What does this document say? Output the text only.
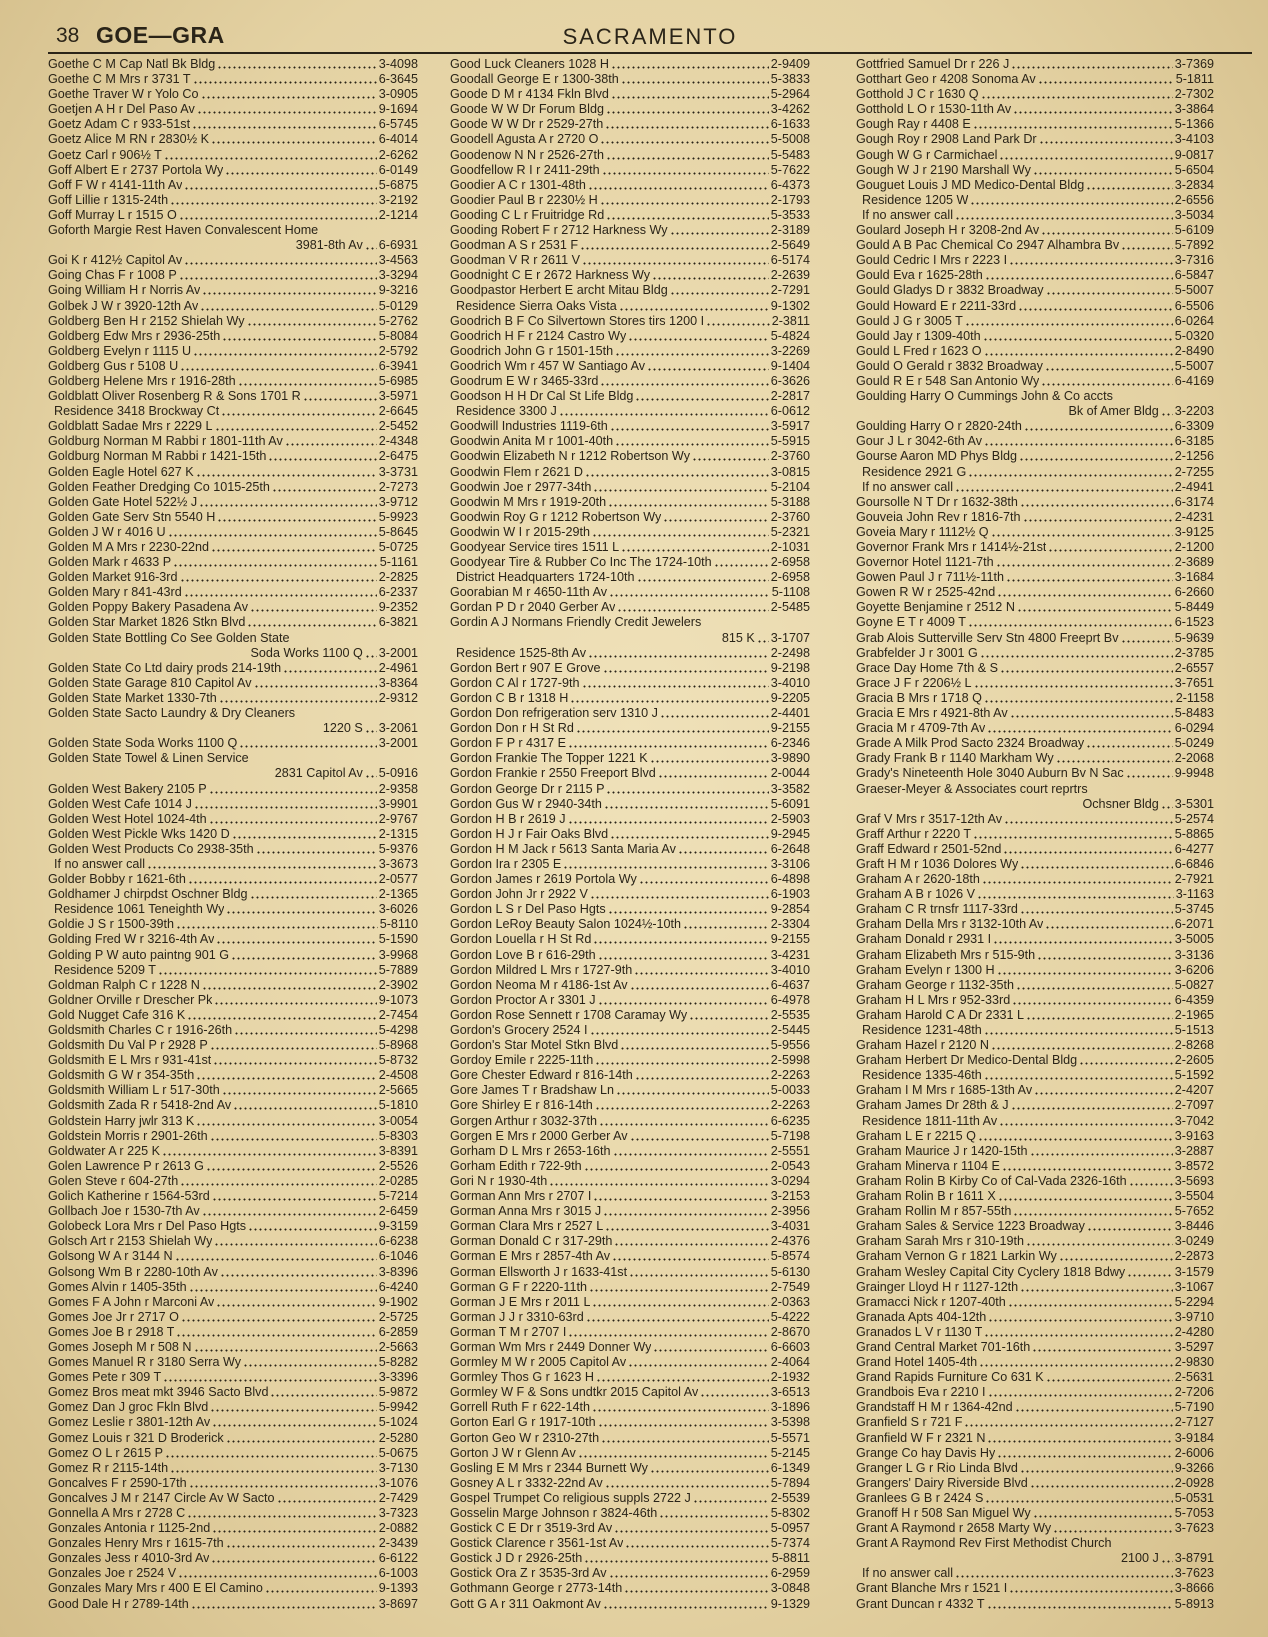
38 GOE—GRA	SACRAMENTO
Goethe C M Cap Natl Bk Bldg	3-4098
Goethe C M Mrs r 3731 T	6-3645
Goethe Traver W r Yolo Co	3-0905
Goetjen A H r Del Paso Av	9-1694
Goetz Adam C r 933-51st	6-5745
Goetz Alice M RN r 2830½ K	6-4014
Goetz Carl r 906½ T	2-6262
Goff Albert E r 2737 Portola Wy	6-0149
Goff F W r 4141-11th Av	5-6875
Goff Lillie r 1315-24th	3-2192
Goff Murray L r 1515 O	2-1214
Goforth Margie Rest Haven Convalescent Home
3981-8th Av 6-6931
Goi K r 412½ Capitol Av	3-4563
Going Chas F r 1008 P	3-3294
Going William H r Norris Av	9-3216
Golbek J W r 3920-12th Av	5-0129
Goldberg Ben H r 2152 Shielah Wy	5-2762
Goldberg Edw Mrs r 2936-25th	5-8084
Goldberg Evelyn r 1115 U	2-5792
Goldberg Gus r 5108 U	6-3941
Goldberg Helene Mrs r 1916-28th	5-6985
Goldblatt Oliver Rosenberg R & Sons 1701 R	3-5971
Residence 3418 Brockway Ct	2-6645
Goldblatt Sadae Mrs r 2229 L	2-5452
Goldburg Norman M Rabbi r 1801-11th Av	2-4348
Goldburg Norman M Rabbi r 1421-15th	2-6475
Golden Eagle Hotel 627 K	3-3731
Golden Feather Dredging Co 1015-25th	2-7273
Golden Gate Hotel 522½ J	3-9712
Golden Gate Serv Stn 5540 H	5-9923
Golden J W r 4016 U	5-8645
Golden M A Mrs r 2230-22nd	5-0725
Golden Mark r 4633 P	5-1161
Golden Market 916-3rd	2-2825
Golden Mary r 841-43rd	6-2337
Golden Poppy Bakery Pasadena Av	9-2352
Golden Star Market 1826 Stkn Blvd	6-3821
Golden State Bottling Co See Golden State
Soda Works 1100 Q 3-2001
Golden State Co Ltd dairy prods 214-19th	2-4961
Golden State Garage 810 Capitol Av	3-8364
Golden State Market 1330-7th	2-9312
Golden State Sacto Laundry & Dry Cleaners
1220 S 3-2061
Golden State Soda Works 1100 Q	3-2001
Golden State Towel & Linen Service
2831 Capitol Av 5-0916
Golden West Bakery 2105 P	2-9358
Golden West Cafe 1014 J	3-9901
Golden West Hotel 1024-4th	2-9767
Golden West Pickle Wks 1420 D	2-1315
Golden West Products Co 2938-35th	5-9376
If no answer call	3-3673
Golder Bobby r 1621-6th	2-0577
Goldhamer J chirpdst Oschner Bldg	2-1365
Residence 1061 Teneighth Wy	3-6026
Goldie J S r 1500-39th	5-8110
Golding Fred W r 3216-4th Av	5-1590
Golding P W auto paintng 901 G	3-9968
Residence 5209 T	5-7889
Goldman Ralph C r 1228 N	2-3902
Goldner Orville r Drescher Pk	9-1073
Gold Nugget Cafe 316 K	2-7454
Goldsmith Charles C r 1916-26th	5-4298
Goldsmith Du Val P r 2928 P	5-8968
Goldsmith E L Mrs r 931-41st	5-8732
Goldsmith G W r 354-35th	2-4508
Goldsmith William L r 517-30th	2-5665
Goldsmith Zada R r 5418-2nd Av	5-1810
Goldstein Harry jwlr 313 K	3-0054
Goldstein Morris r 2901-26th	5-8303
Goldwater A r 225 K	3-8391
Golen Lawrence P r 2613 G	2-5526
Golen Steve r 604-27th	2-0285
Golich Katherine r 1564-53rd	5-7214
Gollbach Joe r 1530-7th Av	2-6459
Golobeck Lora Mrs r Del Paso Hgts	9-3159
Golsch Art r 2153 Shielah Wy	6-6238
Golsong W A r 3144 N	6-1046
Golsong Wm B r 2280-10th Av	3-8396
Gomes Alvin r 1405-35th	6-4240
Gomes F A John r Marconi Av	9-1902
Gomes Joe Jr r 2717 O	2-5725
Gomes Joe B r 2918 T	6-2859
Gomes Joseph M r 508 N	2-5663
Gomes Manuel R r 3180 Serra Wy	5-8282
Gomes Pete r 309 T	3-3396
Gomez Bros meat mkt 3946 Sacto Blvd	5-9872
Gomez Dan J groc Fkln Blvd	5-9942
Gomez Leslie r 3801-12th Av	5-1024
Gomez Louis r 321 D Broderick	2-5280
Gomez O L r 2615 P	5-0675
Gomez R r 2115-14th	3-7130
Goncalves F r 2590-17th	3-1076
Goncalves J M r 2147 Circle Av W Sacto	2-7429
Gonnella A Mrs r 2728 C	3-7323
Gonzales Antonia r 1125-2nd	2-0882
Gonzales Henry Mrs r 1615-7th	2-3439
Gonzales Jess r 4010-3rd Av	6-6122
Gonzales Joe r 2524 V	6-1003
Gonzales Mary Mrs r 400 E El Camino	9-1393
Good Dale H r 2789-14th	3-8697
Good Luck Cleaners 1028 H	2-9409
Goodall George E r 1300-38th	5-3833
Goode D M r 4134 Fkln Blvd	5-2964
Goode W W Dr Forum Bldg	3-4262
Goode W W Dr r 2529-27th	6-1633
Goodell Agusta A r 2720 O	5-5008
Goodenow N N r 2526-27th	5-5483
Goodfellow R I r 2411-29th	5-7622
Goodier A C r 1301-48th	6-4373
Goodier Paul B r 2230½ H	2-1793
Gooding C L r Fruitridge Rd	5-3533
Gooding Robert F r 2712 Harkness Wy	2-3189
Goodman A S r 2531 F	2-5649
Goodman V R r 2611 V	6-5174
Goodnight C E r 2672 Harkness Wy	2-2639
Goodpastor Herbert E archt Mitau Bldg	2-7291
Residence Sierra Oaks Vista	9-1302
Goodrich B F Co Silvertown Stores tirs 1200 I	2-3811
Goodrich H F r 2124 Castro Wy	5-4824
Goodrich John G r 1501-15th	3-2269
Goodrich Wm r 457 W Santiago Av	9-1404
Goodrum E W r 3465-33rd	6-3626
Goodson H H Dr Cal St Life Bldg	2-2817
Residence 3300 J	6-0612
Goodwill Industries 1119-6th	3-5917
Goodwin Anita M r 1001-40th	5-5915
Goodwin Elizabeth N r 1212 Robertson Wy	2-3760
Goodwin Flem r 2621 D	3-0815
Goodwin Joe r 2977-34th	5-2104
Goodwin M Mrs r 1919-20th	5-3188
Goodwin Roy G r 1212 Robertson Wy	2-3760
Goodwin W I r 2015-29th	5-2321
Goodyear Service tires 1511 L	2-1031
Goodyear Tire & Rubber Co Inc The 1724-10th	2-6958
District Headquarters 1724-10th	2-6958
Goorabian M r 4650-11th Av	5-1108
Gordan P D r 2040 Gerber Av	2-5485
Gordin A J Normans Friendly Credit Jewelers
815 K 3-1707
Residence 1525-8th Av	2-2498
Gordon Bert r 907 E Grove	9-2198
Gordon C Al r 1727-9th	3-4010
Gordon C B r 1318 H	9-2205
Gordon Don refrigeration serv 1310 J	2-4401
Gordon Don r H St Rd	9-2155
Gordon F P r 4317 E	6-2346
Gordon Frankie The Topper 1221 K	3-9890
Gordon Frankie r 2550 Freeport Blvd	2-0044
Gordon George Dr r 2115 P	3-3582
Gordon Gus W r 2940-34th	5-6091
Gordon H B r 2619 J	2-5903
Gordon H J r Fair Oaks Blvd	9-2945
Gordon H M Jack r 5613 Santa Maria Av	6-2648
Gordon Ira r 2305 E	3-3106
Gordon James r 2619 Portola Wy	6-4898
Gordon John Jr r 2922 V	6-1903
Gordon L S r Del Paso Hgts	9-2854
Gordon LeRoy Beauty Salon 1024½-10th	2-3304
Gordon Louella r H St Rd	9-2155
Gordon Love B r 616-29th	3-4231
Gordon Mildred L Mrs r 1727-9th	3-4010
Gordon Neoma M r 4186-1st Av	6-4637
Gordon Proctor A r 3301 J	6-4978
Gordon Rose Sennett r 1708 Caramay Wy	2-5535
Gordon's Grocery 2524 I	2-5445
Gordon's Star Motel Stkn Blvd	5-9556
Gordoy Emile r 2225-11th	2-5998
Gore Chester Edward r 816-14th	2-2263
Gore James T r Bradshaw Ln	5-0033
Gore Shirley E r 816-14th	2-2263
Gorgen Arthur r 3032-37th	6-6235
Gorgen E Mrs r 2000 Gerber Av	5-7198
Gorham D L Mrs r 2653-16th	2-5551
Gorham Edith r 722-9th	2-0543
Gori N r 1930-4th	3-0294
Gorman Ann Mrs r 2707 I	3-2153
Gorman Anna Mrs r 3015 J	2-3956
Gorman Clara Mrs r 2527 L	3-4031
Gorman Donald C r 317-29th	2-4376
Gorman E Mrs r 2857-4th Av	5-8574
Gorman Ellsworth J r 1633-41st	5-6130
Gorman G F r 2220-11th	2-7549
Gorman J E Mrs r 2011 L	2-0363
Gorman J J r 3310-63rd	5-4222
Gorman T M r 2707 I	2-8670
Gorman Wm Mrs r 2449 Donner Wy	6-6603
Gormley M W r 2005 Capitol Av	2-4064
Gormley Thos G r 1623 H	2-1932
Gormley W F & Sons undtkr 2015 Capitol Av	3-6513
Gorrell Ruth F r 622-14th	3-1896
Gorton Earl G r 1917-10th	3-5398
Gorton Geo W r 2310-27th	5-5571
Gorton J W r Glenn Av	5-2145
Gosling E M Mrs r 2344 Burnett Wy	6-1349
Gosney A L r 3332-22nd Av	5-7894
Gospel Trumpet Co religious suppls 2722 J	2-5539
Gosselin Marge Johnson r 3824-46th	5-8302
Gostick C E Dr r 3519-3rd Av	5-0957
Gostick Clarence r 3561-1st Av	5-7374
Gostick J D r 2926-25th	5-8811
Gostick Ora Z r 3535-3rd Av	6-2959
Gothmann George r 2773-14th	3-0848
Gott G A r 311 Oakmont Av	9-1329
Gottfried Samuel Dr r 226 J	3-7369
Gotthart Geo r 4208 Sonoma Av	5-1811
Gotthold J C r 1630 Q	2-7302
Gotthold L O r 1530-11th Av	3-3864
Gough Ray r 4408 E	5-1366
Gough Roy r 2908 Land Park Dr	3-4103
Gough W G r Carmichael	9-0817
Gough W J r 2190 Marshall Wy	5-6504
Gouguet Louis J MD Medico-Dental Bldg	3-2834
Residence 1205 W	2-6556
If no answer call	3-5034
Goulard Joseph H r 3208-2nd Av	5-6109
Gould A B Pac Chemical Co 2947 Alhambra Bv	5-7892
Gould Cedric I Mrs r 2223 I	3-7316
Gould Eva r 1625-28th	6-5847
Gould Gladys D r 3832 Broadway	5-5007
Gould Howard E r 2211-33rd	6-5506
Gould J G r 3005 T	6-0264
Gould Jay r 1309-40th	5-0320
Gould L Fred r 1623 O	2-8490
Gould O Gerald r 3832 Broadway	5-5007
Gould R E r 548 San Antonio Wy	6-4169
Goulding Harry O Cummings John & Co accts
Bk of Amer Bldg 3-2203
Goulding Harry O r 2820-24th	6-3309
Gour J L r 3042-6th Av	6-3185
Gourse Aaron MD Phys Bldg	2-1256
Residence 2921 G	2-7255
If no answer call	2-4941
Goursolle N T Dr r 1632-38th	6-3174
Gouveia John Rev r 1816-7th	2-4231
Goveia Mary r 1112½ Q	3-9125
Governor Frank Mrs r 1414½-21st	2-1200
Governor Hotel 1121-7th	2-3689
Gowen Paul J r 711½-11th	3-1684
Gowen R W r 2525-42nd	6-2660
Goyette Benjamine r 2512 N	5-8449
Goyne E T r 4009 T	6-1523
Grab Alois Sutterville Serv Stn 4800 Freeprt Bv	5-9639
Grabfelder J r 3001 G	2-3785
Grace Day Home 7th & S	2-6557
Grace J F r 2206½ L	3-7651
Gracia B Mrs r 1718 Q	2-1158
Gracia E Mrs r 4921-8th Av	5-8483
Gracia M r 4709-7th Av	6-0294
Grade A Milk Prod Sacto 2324 Broadway	5-0249
Grady Frank B r 1140 Markham Wy	2-2068
Grady's Nineteenth Hole 3040 Auburn Bv N Sac	9-9948
Graeser-Meyer & Associates court reprtrs
Ochsner Bldg 3-5301
Graf V Mrs r 3517-12th Av	5-2574
Graff Arthur r 2220 T	5-8865
Graff Edward r 2501-52nd	6-4277
Graft H M r 1036 Dolores Wy	6-6846
Graham A r 2620-18th	2-7921
Graham A B r 1026 V	3-1163
Graham C R trnsfr 1117-33rd	5-3745
Graham Della Mrs r 3132-10th Av	6-2071
Graham Donald r 2931 I	3-5005
Graham Elizabeth Mrs r 515-9th	3-3136
Graham Evelyn r 1300 H	3-6206
Graham George r 1132-35th	5-0827
Graham H L Mrs r 952-33rd	6-4359
Graham Harold C A Dr 2331 L	2-1965
Residence 1231-48th	5-1513
Graham Hazel r 2120 N	2-8268
Graham Herbert Dr Medico-Dental Bldg	2-2605
Residence 1335-46th	5-1592
Graham I M Mrs r 1685-13th Av	2-4207
Graham James Dr 28th & J	2-7097
Residence 1811-11th Av	3-7042
Graham L E r 2215 Q	3-9163
Graham Maurice J r 1420-15th	3-2887
Graham Minerva r 1104 E	3-8572
Graham Rolin B Kirby Co of Cal-Vada 2326-16th	3-5693
Graham Rolin B r 1611 X	3-5504
Graham Rollin M r 857-55th	5-7652
Graham Sales & Service 1223 Broadway	3-8446
Graham Sarah Mrs r 310-19th	3-0249
Graham Vernon G r 1821 Larkin Wy	2-2873
Graham Wesley Capital City Cyclery 1818 Bdwy	3-1579
Grainger Lloyd H r 1127-12th	3-1067
Gramacci Nick r 1207-40th	5-2294
Granada Apts 404-12th	3-9710
Granados L V r 1130 T	2-4280
Grand Central Market 701-16th	3-5297
Grand Hotel 1405-4th	2-9830
Grand Rapids Furniture Co 631 K	2-5631
Grandbois Eva r 2210 I	2-7206
Grandstaff H M r 1364-42nd	5-7190
Granfield S r 721 F	2-7127
Granfield W F r 2321 N	3-9184
Grange Co hay Davis Hy	2-6006
Granger L G r Rio Linda Blvd	9-3266
Grangers' Dairy Riverside Blvd	2-0928
Granlees G B r 2424 S	5-0531
Granoff H r 508 San Miguel Wy	5-7053
Grant A Raymond r 2658 Marty Wy	3-7623
Grant A Raymond Rev First Methodist Church
2100 J 3-8791
If no answer call	3-7623
Grant Blanche Mrs r 1521 I	3-8666
Grant Duncan r 4332 T	5-8913
